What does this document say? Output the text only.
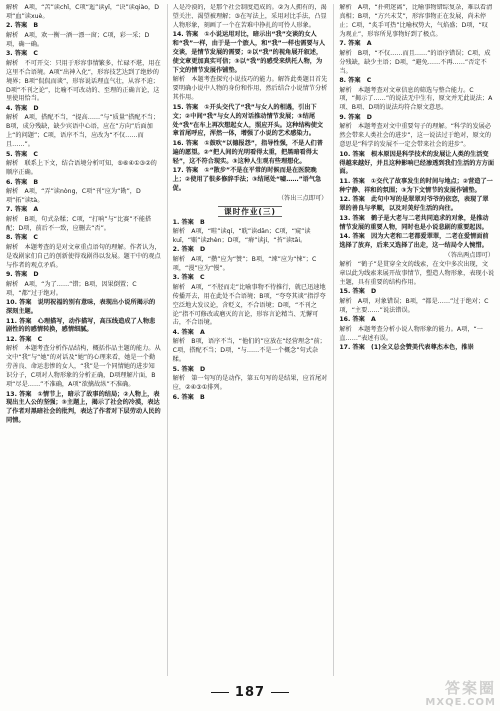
解析　A项，“苦”读chǐ，C项“迤”读yǐ，“诀”读qiào，D项“血”读xuè。
2. 答案　B
解析　A项，欢一衡一酒一漂一窗；C项，彩一采；D项，确一确。
3. 答案　C
解析　不可开交：只用于形容事情繁多，忙碌不堪，用在这里不合语境。A项“出神入化”，形容技艺达到了绝妙的境界；B项“侃侃而谈”，形容说话理直气壮，从容不迫；D项“不刊之论”，比喻不可改动的、至理的正确言论，这里使用恰当。
4. 答案　D
解析　A项，搭配不当，“提高……”与“质量”搭配不当；B项，成分残缺，缺少宾语中心语，应在“方向”后面加上“的问题”；C项，语序不当，应改为“不仅……而且……”。
5. 答案　C
解析　联系上下文，结合语境分析可知，⑤⑥④①③②的顺序正确。
6. 答案　B
解析　A项，“弄”读nòng，C项“刊”应为“勘”，D项“拓”读tà。
7. 答案　A
解析　B项，句式杂糅；C项，“打响”与“比赛”不能搭配；D项，前后不一致，应删去“否”。
8. 答案　C
解析　本题考查的是对文章重点语句的理解。作者认为，是戏剧家们自己的创新使得戏剧得以发展。题干中的观点与作者的观点矛盾。
9. 答案　D
解析　A项，“为了……”错；B项，因果倒置；C项，“都”过于绝对。
10. 答案　说明祝福的别有意味，表现出小说所揭示的深刻主题。
11. 答案　心理描写，动作描写，高压线造成了人物悲剧性的的感情转换，感情细腻。
12. 答案　C
解析　本题考查分析作品结构，概括作品主题的能力。从文中“我”与“她”的对话及“她”的心理来看，她是一个勤劳善良、命运悲惨的女人，“我”是一个同情她的进步知识分子，C项对人物形象的分析正确，D项理解片面，B项“尽是……”不准确，A项“欲擒故纵”不准确。
13. 答案　①情节上，暗示了故事的结局；②人物上，表现出主人公的坚强；③主题上，揭示了社会的冷漠，表达了作者对黑暗社会的批判，表达了作者对下层劳动人民的同情。
人是冷漠的，是那个社会制度造成的。②为人拥有的，渴望关注、渴望被理解；③在写法上，采用对比手法，凸显人物形象，刻画了一个在苦难中挣扎的可怜人形象。
14. 答案　①小说运用对比，暗示出“我”交谈的女人和“我”一样，由于是一个旅人，和“我”一样也需要与人交谈，是情节发展的需要；②以“我”的视角展开叙述，使文章更加真实可信；③以“我”的感受来烘托人物，为下文的情节发展作铺垫。
解析　本题考查探究小说技巧的能力。解答此类题目首先要明确小说中人物的身份和作用，然后结合小说情节分析其作用。
15. 答案　①开头交代了“我”与女人的相遇，引出下文；②中间“我”与女人的对话推动情节发展；③结尾处“我”在车上再次想起女人，照应开头。这种结构使文章首尾呼应，浑然一体，增强了小说的艺术感染力。
16. 答案　①鼓吹“以德报怨”，指导性强，不是人们普遍的愿望。②“把人间的光明看得太重，把黑暗看得太轻”，这不符合现实。③这种人生观有些理想化。
17. 答案　①“散步”不是在平常的时候而是在医院晚上；②使用了很多修辞手法；③结尾处“嘘……”语气急促。
（答出三点即可）
课时作业(三)
1. 答案　B
解析　A项，“畦”读qí，“耽”读dān；C项，“窥”读kuī，“赈”读zhèn；D项，“瘠”读jí，“苔”读tāi。
2. 答案　D
解析　A项，“攒”应为“赞”；B项，“竦”应为“悚”；C项，“漫”应为“慢”。
3. 答案　C
解析　A项，“不胫而走”比喻事物不待推行，就已迅速地传播开去，用在此处不合语境；B项，“夸夸其谈”指浮夸空泛地大发议论，含贬义，不合语境；D项，“不刊之论”指不可修改或磨灭的言论，形容言论精当、无懈可击，不合语境。
4. 答案　A
解析　B项，语序不当，“他们的”应放在“经营理念”前；C项，搭配不当；D项，“与……不是一个概念”句式杂糅。
5. 答案　D
解析　第一句写的是动作，第五句写的是结果，应首尾对应，②④③①排列。
6. 答案　B
解析　A项，“扑朔迷离”，比喻事物错综复杂，难以看清真相；B项，“方兴未艾”，形容事物正在发展，尚未停止；C项，“炙手可热”比喻权势大，气焰盛；D项，“叹为观止”，形容所见事物好到了极点。
7. 答案　A
解析　B项，“不仅……而且……”的语序错误；C项，成分残缺，缺少主语；D项，“避免……不再……”否定不当。
8. 答案　C
解析　本题考查对文章信息的筛选与整合能力。C项，“揭示了……”的说法无中生有，原文并无此说法；A项、B项、D项的说法均符合原文意思。
9. 答案　D
解析　本题考查对文中重要句子的理解。“科学的发展必然会带来人类社会的进步”，这一说法过于绝对，原文的意思是“科学的发展不一定会带来社会的进步”。
10. 答案　根本原因是科学技术的发展让人类的生活变得越来越好，并且这种影响已经渗透到我们生活的方方面面。
11. 答案　①交代了故事发生的时间与地点；②营造了一种宁静、祥和的氛围；③为下文情节的发展作铺垫。
12. 答案　此句中写的是翠翠对爷爷的依恋，表现了翠翠的善良与孝顺，以及对美好生活的向往。
13. 答案　鹤子是大老与二老共同追求的对象，是推动情节发展的重要人物，同时也是小说悲剧的重要起因。
14. 答案　因为大老和二老都爱翠翠，二老在爱情面前选择了放弃，后来又选择了出走，这一结局令人惋惜。
（答出两点即可）
解析　“鹤子”是贯穿全文的线索，在文中多次出现，文章以此为线索来展开故事情节，塑造人物形象，表现小说主题，具有重要的结构作用。
15. 答案　D
解析　A项，对象错误；B项，“都是……”过于绝对；C项，“主要……”说法错误。
16. 答案　A
解析　本题考查分析小说人物形象的能力。A项，“一直……”表述有误。
17. 答案　(1)全义总会赞美代表尊杰本色，推崇
187	答案圈
MXQE.COM
